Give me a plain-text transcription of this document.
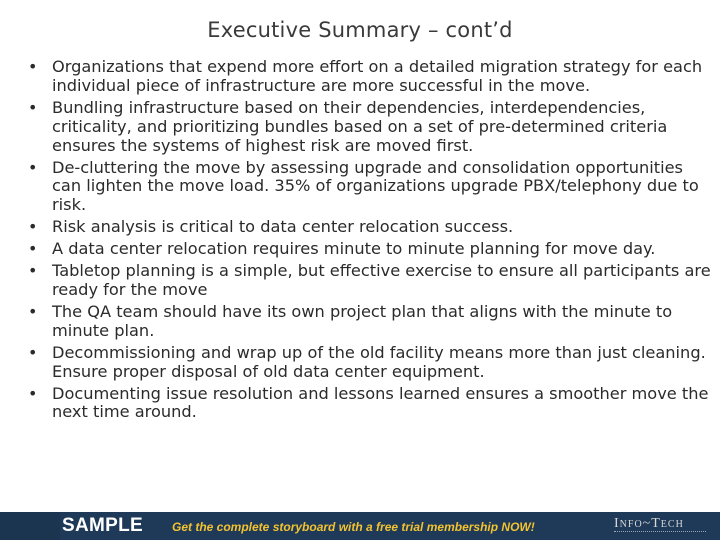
Executive Summary – cont’d
• Organizations that expend more effort on a detailed migration strategy for each individual piece of infrastructure are more successful in the move.
• Bundling infrastructure based on their dependencies, interdependencies, criticality, and prioritizing bundles based on a set of pre-determined criteria ensures the systems of highest risk are moved first.
• De-cluttering the move by assessing upgrade and consolidation opportunities can lighten the move load. 35% of organizations upgrade PBX/telephony due to risk.
• Risk analysis is critical to data center relocation success.
• A data center relocation requires minute to minute planning for move day.
• Tabletop planning is a simple, but effective exercise to ensure all participants are ready for the move
• The QA team should have its own project plan that aligns with the minute to minute plan.
• Decommissioning and wrap up of the old facility means more than just cleaning. Ensure proper disposal of old data center equipment.
• Documenting issue resolution and lessons learned ensures a smoother move the next time around.
SAMPLE Get the complete storyboard with a free trial membership NOW!	Info~Tech
